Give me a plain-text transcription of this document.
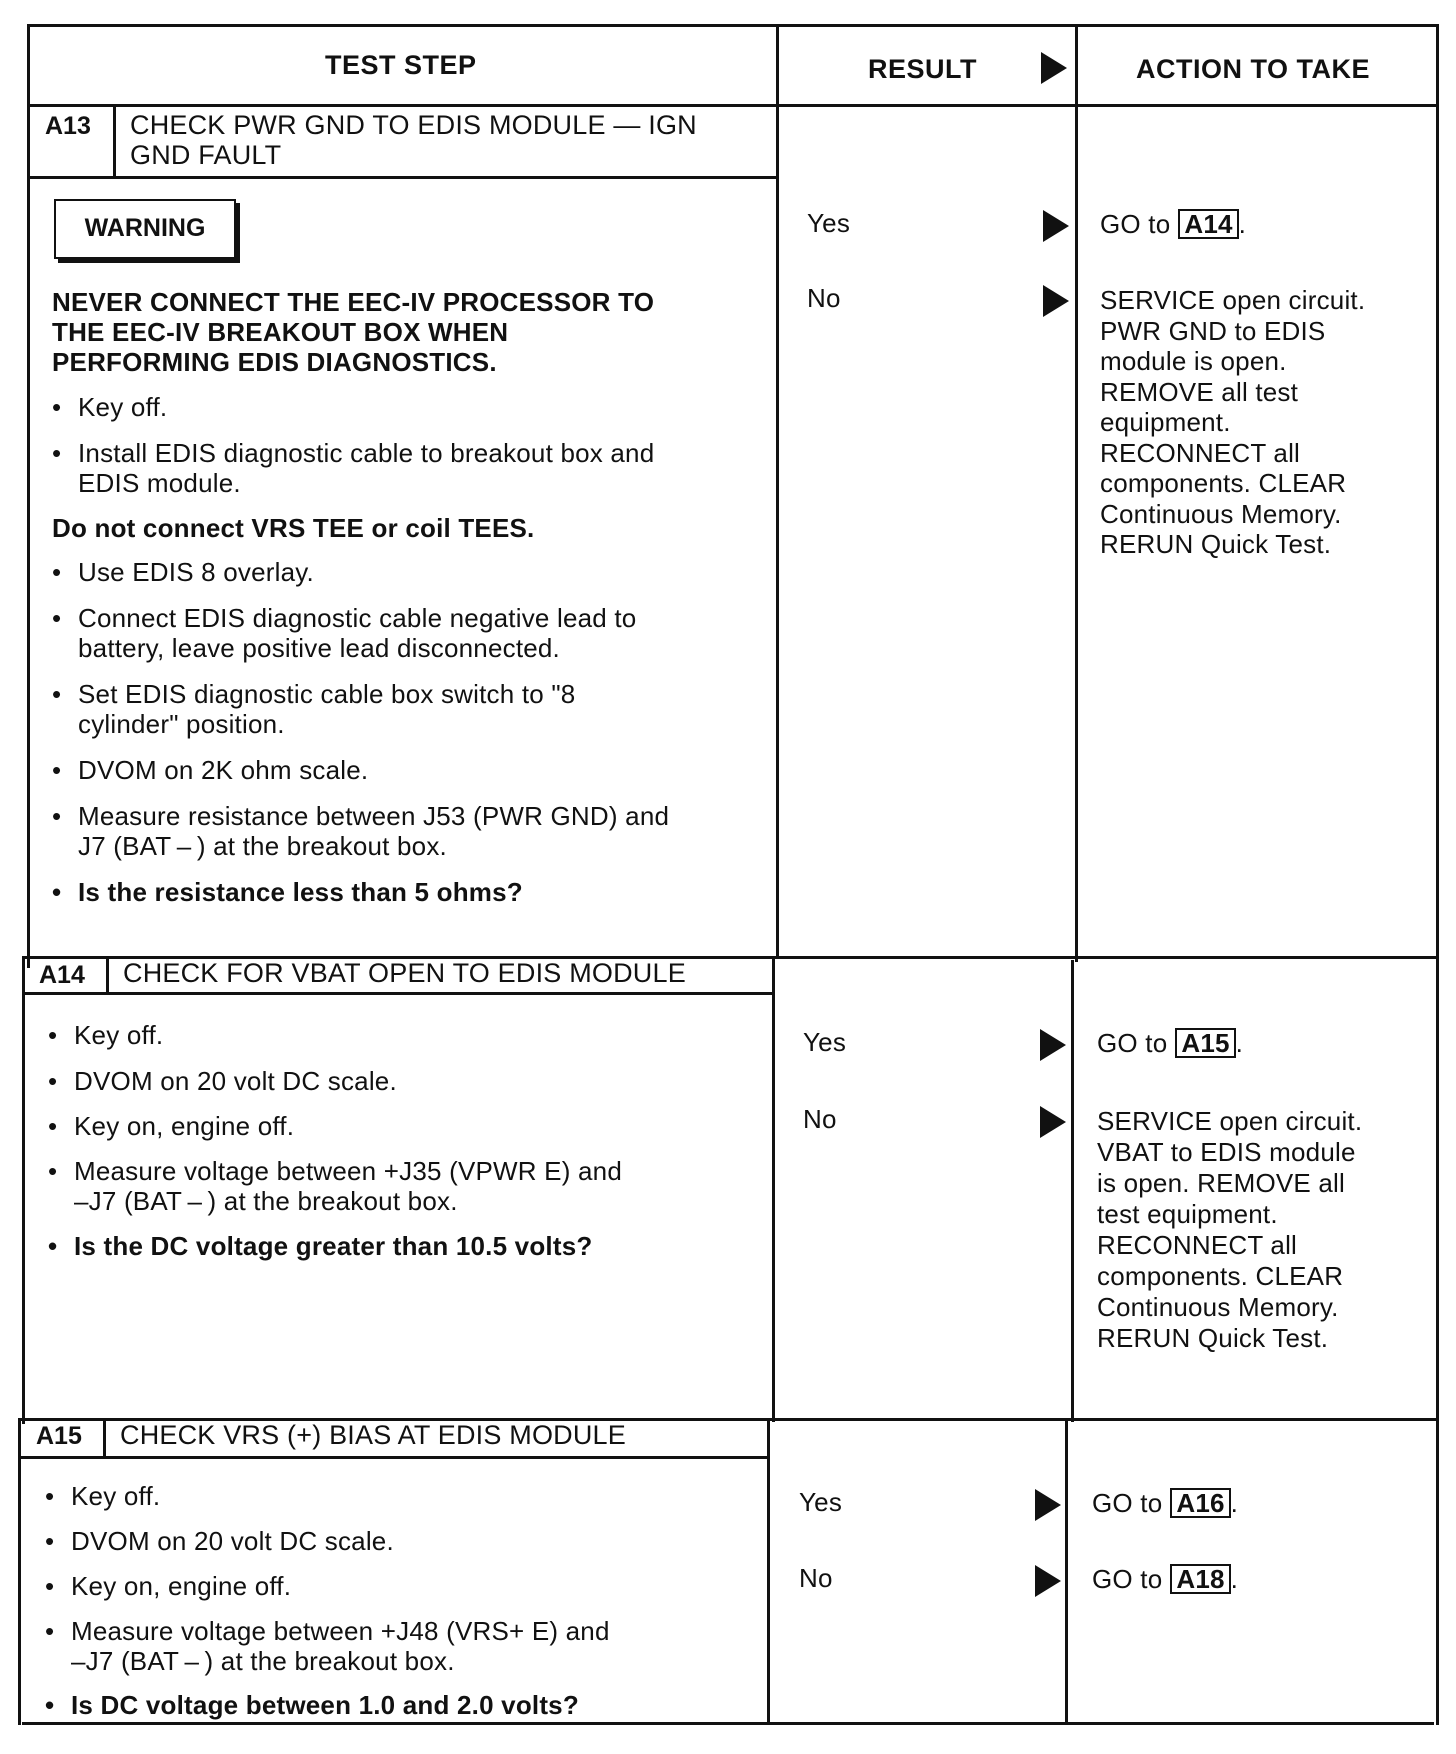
TEST STEP	RESULT	ACTION TO TAKE
A13 CHECK PWR GND TO EDIS MODULE — IGN
GND FAULT
WARNING
NEVER CONNECT THE EEC-IV PROCESSOR TO
THE EEC-IV BREAKOUT BOX WHEN
PERFORMING EDIS DIAGNOSTICS.
• Key off.
• Install EDIS diagnostic cable to breakout box and
EDIS module.
Do not connect VRS TEE or coil TEES.
• Use EDIS 8 overlay.
• Connect EDIS diagnostic cable negative lead to
battery, leave positive lead disconnected.
• Set EDIS diagnostic cable box switch to "8
cylinder" position.
• DVOM on 2K ohm scale.
• Measure resistance between J53 (PWR GND) and
J7 (BAT – ) at the breakout box.
• Is the resistance less than 5 ohms?
Yes	GO to A14 .
No	SERVICE open circuit.
PWR GND to EDIS
module is open.
REMOVE all test
equipment.
RECONNECT all
components. CLEAR
Continuous Memory.
RERUN Quick Test.
A14 CHECK FOR VBAT OPEN TO EDIS MODULE
• Key off.
• DVOM on 20 volt DC scale.
• Key on, engine off.
• Measure voltage between +J35 (VPWR E) and
–J7 (BAT – ) at the breakout box.
• Is the DC voltage greater than 10.5 volts?
Yes	GO to A15 .
No	SERVICE open circuit.
VBAT to EDIS module
is open. REMOVE all
test equipment.
RECONNECT all
components. CLEAR
Continuous Memory.
RERUN Quick Test.
A15 CHECK VRS (+) BIAS AT EDIS MODULE
• Key off.
• DVOM on 20 volt DC scale.
• Key on, engine off.
• Measure voltage between +J48 (VRS+ E) and
–J7 (BAT – ) at the breakout box.
• Is DC voltage between 1.0 and 2.0 volts?
Yes	GO to A16 .
No	GO to A18 .
